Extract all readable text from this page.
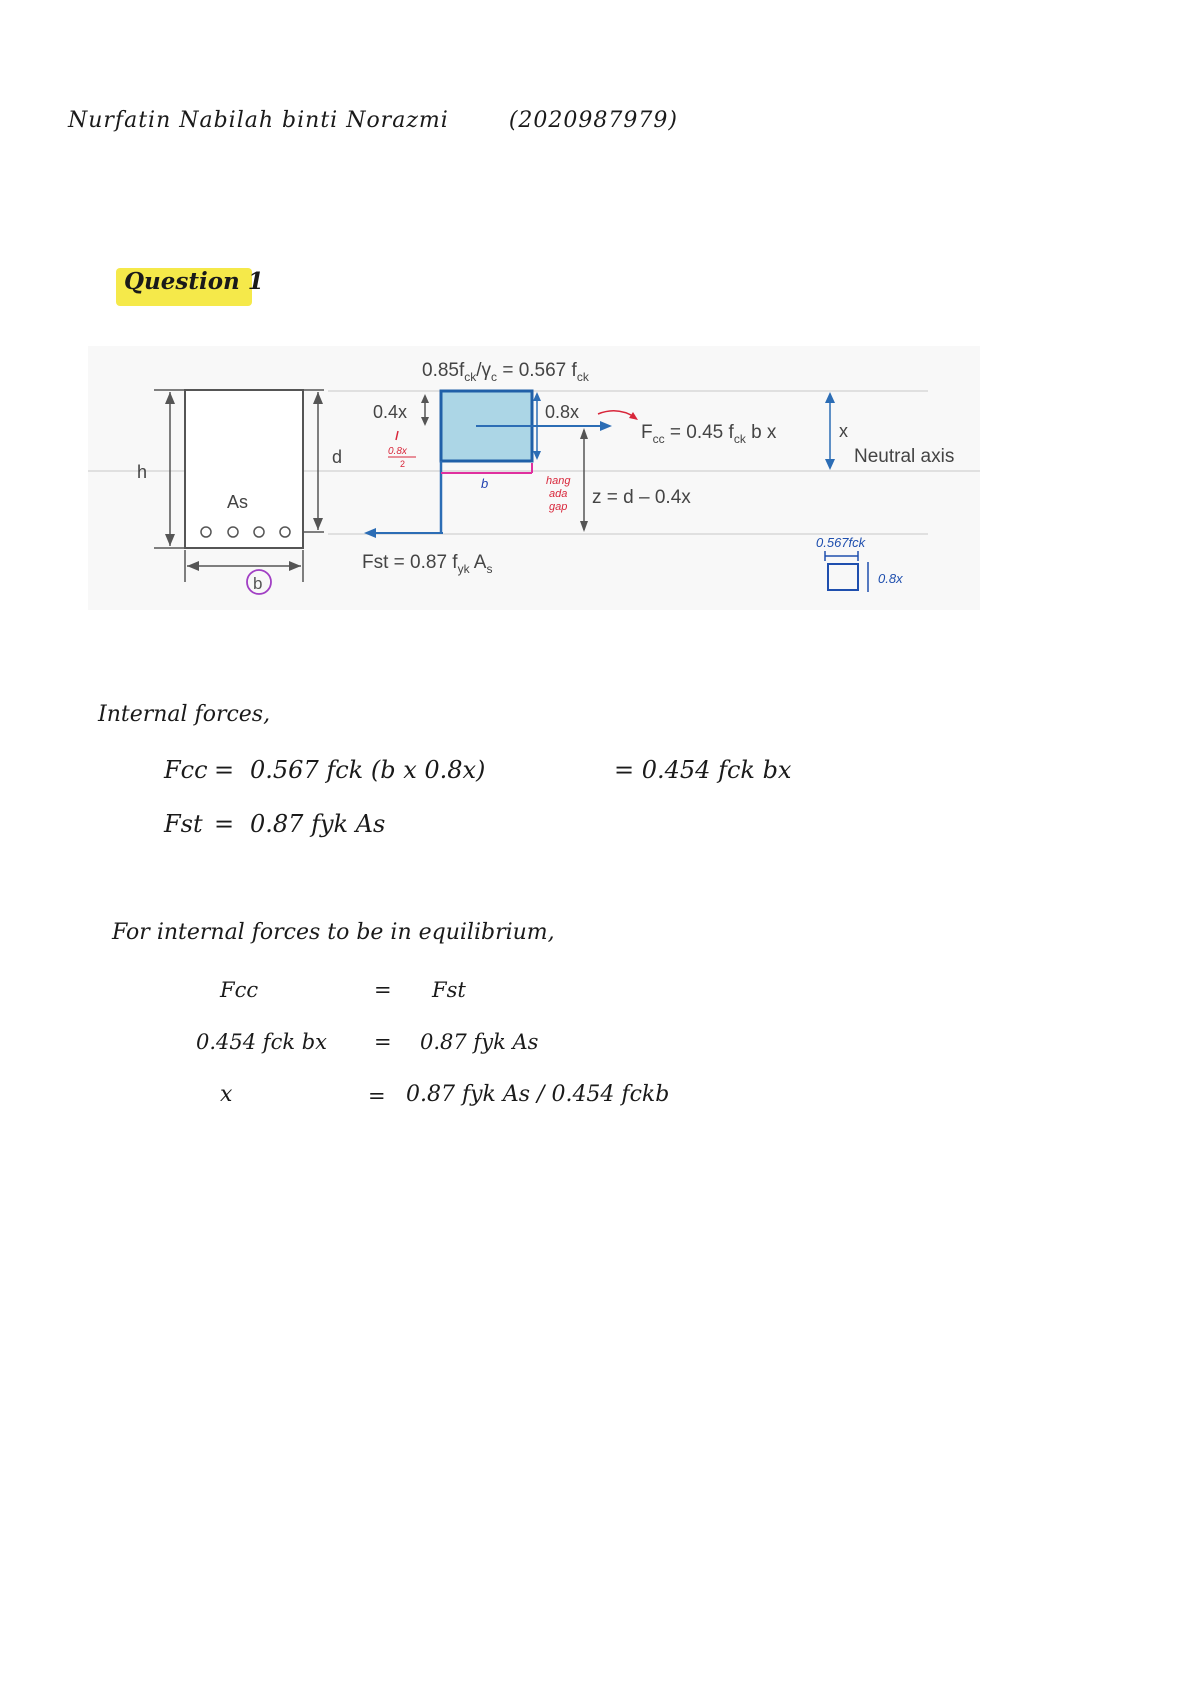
Nurfatin Nabilah binti Norazmi	(2020987979)
Question 1
As
h
d
b
$0.85f_{ck}/\gamma_c = 0.567$ $f_{ck}$
b
0.4x
0.8x
2
0.8x
$F_{cc} = 0.45$ $f_{ck}$ b x
hang
ada
gap z = d – 0.4x
x
Neutral axis
Fst = 0.87 $f_{yk}$ $A_s$
0.567fck
0.8x
Internal forces,
Fcc = 0.567 fck (b x 0.8x)	= 0.454 fck bx
Fst = 0.87 fyk As
For internal forces to be in equilibrium,
Fcc	= Fst
0.454 fck bx = 0.87 fyk As
x	= 0.87 fyk As / 0.454 fckb
